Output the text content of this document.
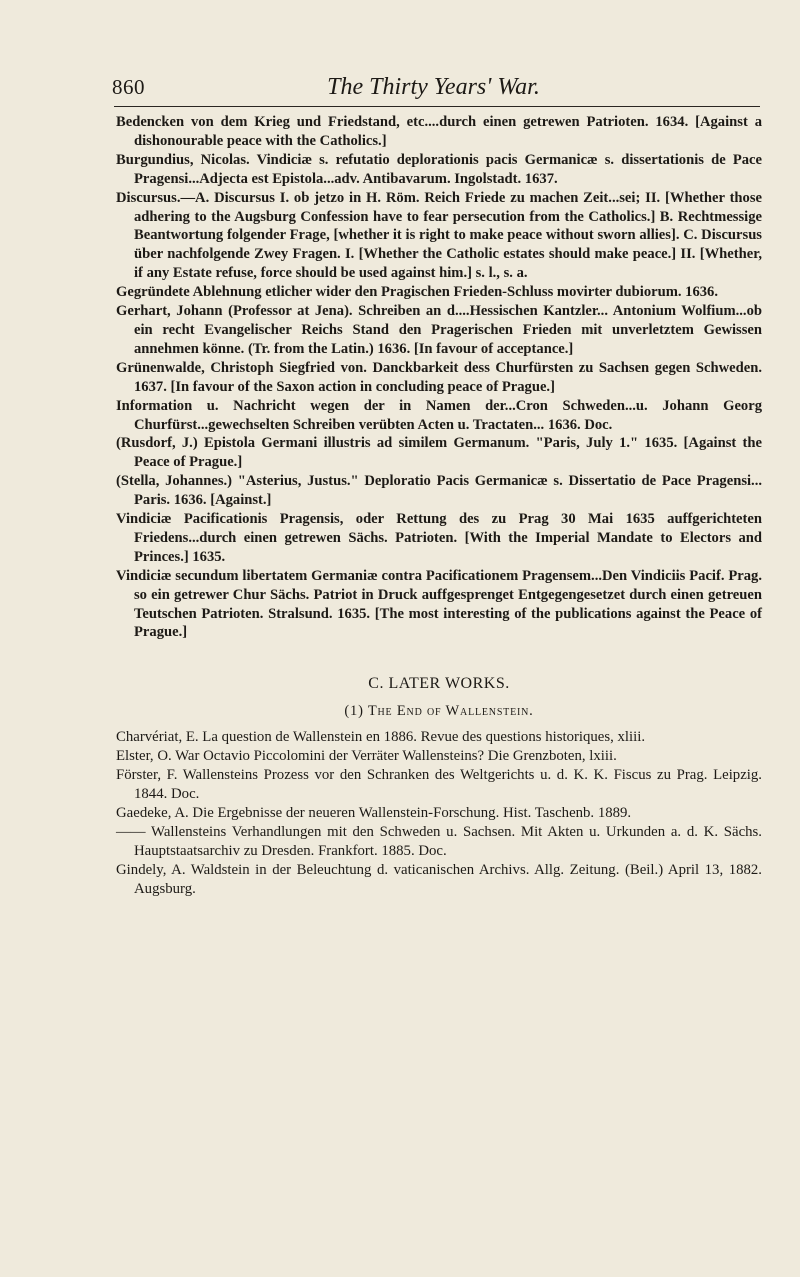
860	The Thirty Years' War.

Bedencken von dem Krieg und Friedstand, etc....durch einen getrewen Patrioten. 1634. [Against a dishonourable peace with the Catholics.]

Burgundius, Nicolas. Vindiciæ s. refutatio deplorationis pacis Germanicæ s. dissertationis de Pace Pragensi...Adjecta est Epistola...adv. Antibavarum. Ingolstadt. 1637.

Discursus.—A. Discursus I. ob jetzo in H. Röm. Reich Friede zu machen Zeit...sei; II. [Whether those adhering to the Augsburg Confession have to fear persecution from the Catholics.] B. Rechtmessige Beantwortung folgender Frage, [whether it is right to make peace without sworn allies]. C. Discursus über nachfolgende Zwey Fragen. I. [Whether the Catholic estates should make peace.] II. [Whether, if any Estate refuse, force should be used against him.] s. l., s. a.

Gegründete Ablehnung etlicher wider den Pragischen Frieden-Schluss movirter dubiorum. 1636.

Gerhart, Johann (Professor at Jena). Schreiben an d....Hessischen Kantzler... Antonium Wolfium...ob ein recht Evangelischer Reichs Stand den Pragerischen Frieden mit unverletztem Gewissen annehmen könne. (Tr. from the Latin.) 1636. [In favour of acceptance.]

Grünenwalde, Christoph Siegfried von. Danckbarkeit dess Churfürsten zu Sachsen gegen Schweden. 1637. [In favour of the Saxon action in concluding peace of Prague.]

Information u. Nachricht wegen der in Namen der...Cron Schweden...u. Johann Georg Churfürst...gewechselten Schreiben verübten Acten u. Tractaten... 1636. Doc.

(Rusdorf, J.) Epistola Germani illustris ad similem Germanum. "Paris, July 1." 1635. [Against the Peace of Prague.]

(Stella, Johannes.) "Asterius, Justus." Deploratio Pacis Germanicæ s. Dissertatio de Pace Pragensi... Paris. 1636. [Against.]

Vindiciæ Pacificationis Pragensis, oder Rettung des zu Prag 30 Mai 1635 auffgerichteten Friedens...durch einen getrewen Sächs. Patrioten. [With the Imperial Mandate to Electors and Princes.] 1635.

Vindiciæ secundum libertatem Germaniæ contra Pacificationem Pragensem...Den Vindiciis Pacif. Prag. so ein getrewer Chur Sächs. Patriot in Druck auffgesprenget Entgegengesetzet durch einen getreuen Teutschen Patrioten. Stralsund. 1635. [The most interesting of the publications against the Peace of Prague.]

C. LATER WORKS.
(1) The End of Wallenstein.

Charvériat, E. La question de Wallenstein en 1886. Revue des questions historiques, xliii.

Elster, O. War Octavio Piccolomini der Verräter Wallensteins? Die Grenzboten, lxiii.

Förster, F. Wallensteins Prozess vor den Schranken des Weltgerichts u. d. K. K. Fiscus zu Prag. Leipzig. 1844. Doc.

Gaedeke, A. Die Ergebnisse der neueren Wallenstein-Forschung. Hist. Taschenb. 1889.

—— Wallensteins Verhandlungen mit den Schweden u. Sachsen. Mit Akten u. Urkunden a. d. K. Sächs. Hauptstaatsarchiv zu Dresden. Frankfort. 1885. Doc.

Gindely, A. Waldstein in der Beleuchtung d. vaticanischen Archivs. Allg. Zeitung. (Beil.) April 13, 1882. Augsburg.
